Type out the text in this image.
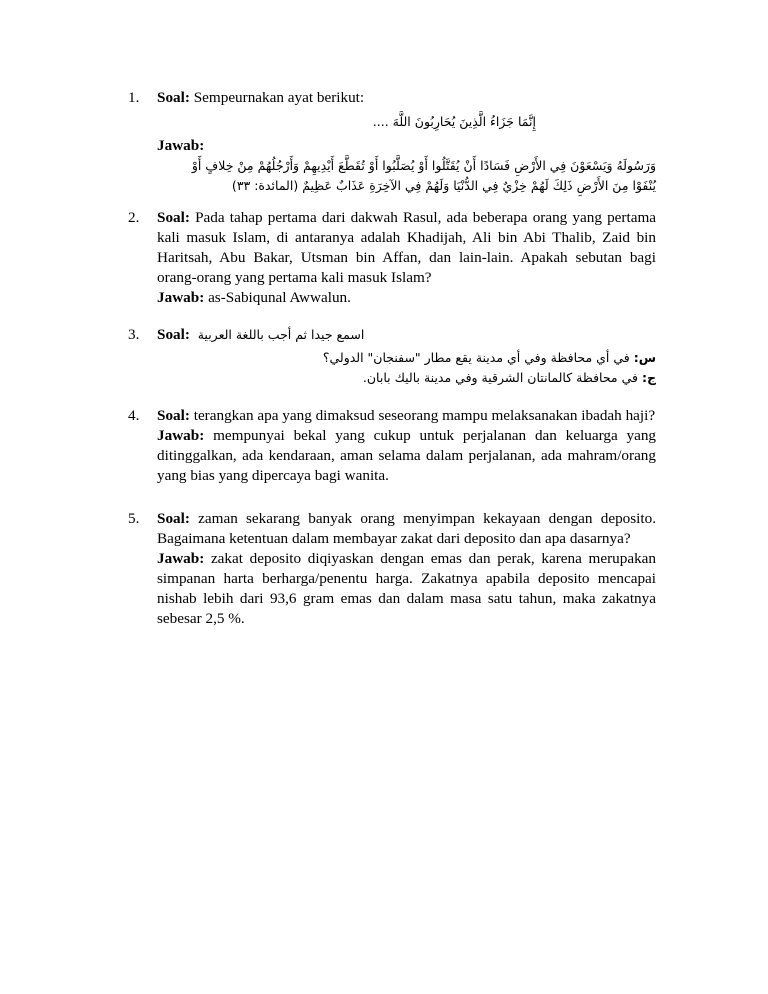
1.	Soal: Sempeurnakan ayat berikut:

إِنَّمَا جَزَاءُ الَّذِينَ يُحَارِبُونَ اللَّهَ ....

Jawab:

وَرَسُولَهُ وَيَسْعَوْنَ فِي الأَرْضِ فَسَادًا أَنْ يُقَتَّلُوا أَوْ يُصَلَّبُوا أَوْ تُقَطَّعَ أَيْدِيهِمْ وَأَرْجُلُهُمْ مِنْ خِلافٍ أَوْ

يُنْفَوْا مِنَ الأَرْضِ ذَلِكَ لَهُمْ خِزْيٌ فِي الدُّنْيَا وَلَهُمْ فِي الآخِرَةِ عَذَابٌ عَظِيمٌ (المائدة: ٣٣)

2.	Soal: Pada tahap pertama dari dakwah Rasul, ada beberapa orang yang pertama kali masuk Islam, di antaranya adalah Khadijah, Ali bin Abi Thalib, Zaid bin Haritsah, Abu Bakar, Utsman bin Affan, dan lain-lain. Apakah sebutan bagi orang-orang yang pertama kali masuk Islam?

Jawab: as-Sabiqunal Awwalun.

3.	Soal: اسمع جيدا ثم أجب باللغة العربية

س: في أي محافظة وفي أي مدينة يقع مطار "سفنجان" الدولي؟

ج: في محافظة كالمانتان الشرقية وفي مدينة باليك بابان.

4.	Soal: terangkan apa yang dimaksud seseorang mampu melaksanakan ibadah haji?

Jawab: mempunyai bekal yang cukup untuk perjalanan dan keluarga yang ditinggalkan, ada kendaraan, aman selama dalam perjalanan, ada mahram/orang yang bias yang dipercaya bagi wanita.

5.	Soal: zaman sekarang banyak orang menyimpan kekayaan dengan deposito. Bagaimana ketentuan dalam membayar zakat dari deposito dan apa dasarnya?

Jawab: zakat deposito diqiyaskan dengan emas dan perak, karena merupakan simpanan harta berharga/penentu harga. Zakatnya apabila deposito mencapai nishab lebih dari 93,6 gram emas dan dalam masa satu tahun, maka zakatnya sebesar 2,5 %.
